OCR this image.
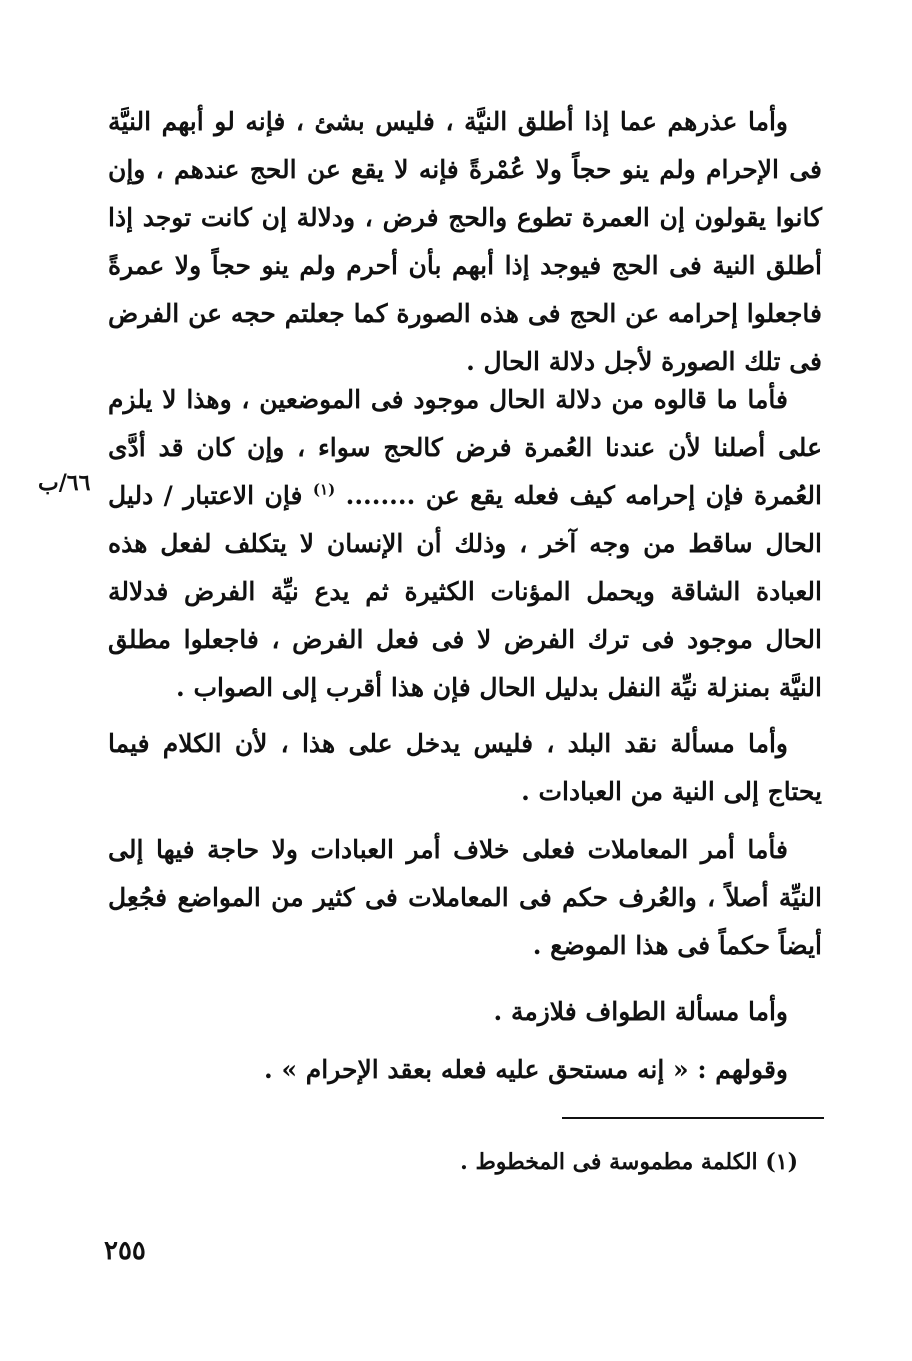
وأما عذرهم عما إذا أطلق النيَّة ، فليس بشئ ، فإنه لو أبهم النيَّة فى الإحرام ولم ينو حجاً ولا عُمْرةً فإنه لا يقع عن الحج عندهم ، وإن كانوا يقولون إن العمرة تطوع والحج فرض ، ودلالة إن كانت توجد إذا أطلق النية فى الحج فيوجد إذا أبهم بأن أحرم ولم ينو حجاً ولا عمرةً فاجعلوا إحرامه عن الحج فى هذه الصورة كما جعلتم حجه عن الفرض فى تلك الصورة لأجل دلالة الحال .

فأما ما قالوه من دلالة الحال موجود فى الموضعين ، وهذا لا يلزم على أصلنا لأن عندنا العُمرة فرض كالحج سواء ، وإن كان قد أدَّى العُمرة فإن إحرامه كيف فعله يقع عن ........ $^{(١)}$ فإن الاعتبار / دليل الحال ساقط من وجه آخر ، وذلك أن الإنسان لا يتكلف لفعل هذه العبادة الشاقة ويحمل المؤنات الكثيرة ثم يدع نيِّة الفرض فدلالة الحال موجود فى ترك الفرض لا فى فعل الفرض ، فاجعلوا مطلق النيَّة بمنزلة نيِّة النفل بدليل الحال فإن هذا أقرب إلى الصواب .

٦٦/ب

وأما مسألة نقد البلد ، فليس يدخل على هذا ، لأن الكلام فيما يحتاج إلى النية من العبادات .

فأما أمر المعاملات فعلى خلاف أمر العبادات ولا حاجة فيها إلى النيِّة أصلاً ، والعُرف حكم فى المعاملات فى كثير من المواضع فجُعِل أيضاً حكماً فى هذا الموضع .

وأما مسألة الطواف فلازمة .

وقولهم : « إنه مستحق عليه فعله بعقد الإحرام » .

(١) الكلمة مطموسة فى المخطوط .
٢٥٥
